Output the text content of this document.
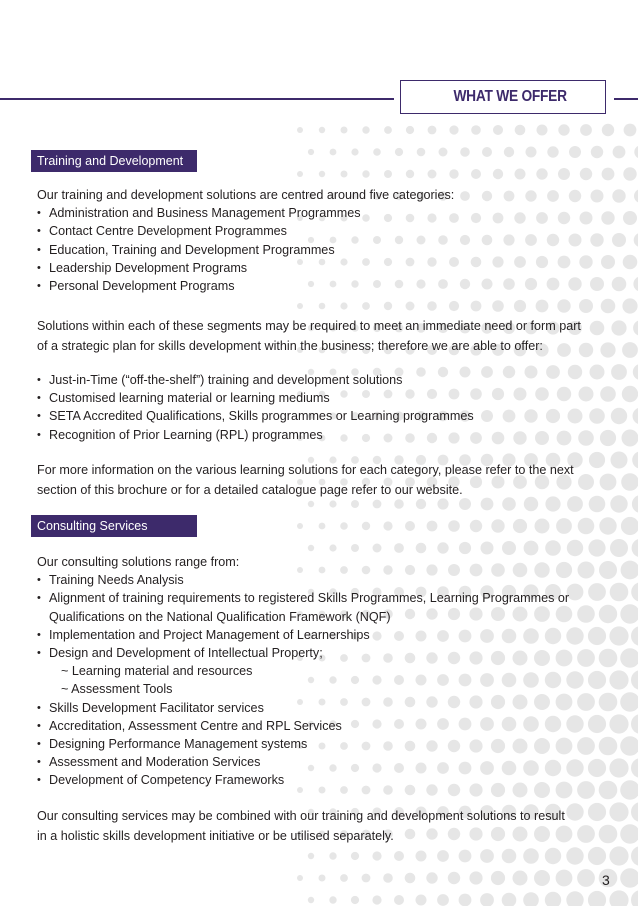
WHAT WE OFFER
Training and Development
Our training and development solutions are centred around five categories:
• Administration and Business Management Programmes
• Contact Centre Development Programmes
• Education, Training and Development Programmes
• Leadership Development Programs
• Personal Development Programs
Solutions within each of these segments may be required to meet an immediate need or form part
of a strategic plan for skills development within the business; therefore we are able to offer:
• Just-in-Time (“off-the-shelf”) training and development solutions
• Customised learning material or learning mediums
• SETA Accredited Qualifications, Skills programmes or Learning programmes
• Recognition of Prior Learning (RPL) programmes
For more information on the various learning solutions for each category, please refer to the next
section of this brochure or for a detailed catalogue page refer to our website.
Consulting Services
Our consulting solutions range from:
• Training Needs Analysis
• Alignment of training requirements to registered Skills Programmes, Learning Programmes or
Qualifications on the National Qualification Framework (NQF)
• Implementation and Project Management of Learnerships
• Design and Development of Intellectual Property;
~ Learning material and resources
~ Assessment Tools
• Skills Development Facilitator services
• Accreditation, Assessment Centre and RPL Services
• Designing Performance Management systems
• Assessment and Moderation Services
• Development of Competency Frameworks
Our consulting services may be combined with our training and development solutions to result
in a holistic skills development initiative or be utilised separately.
3
